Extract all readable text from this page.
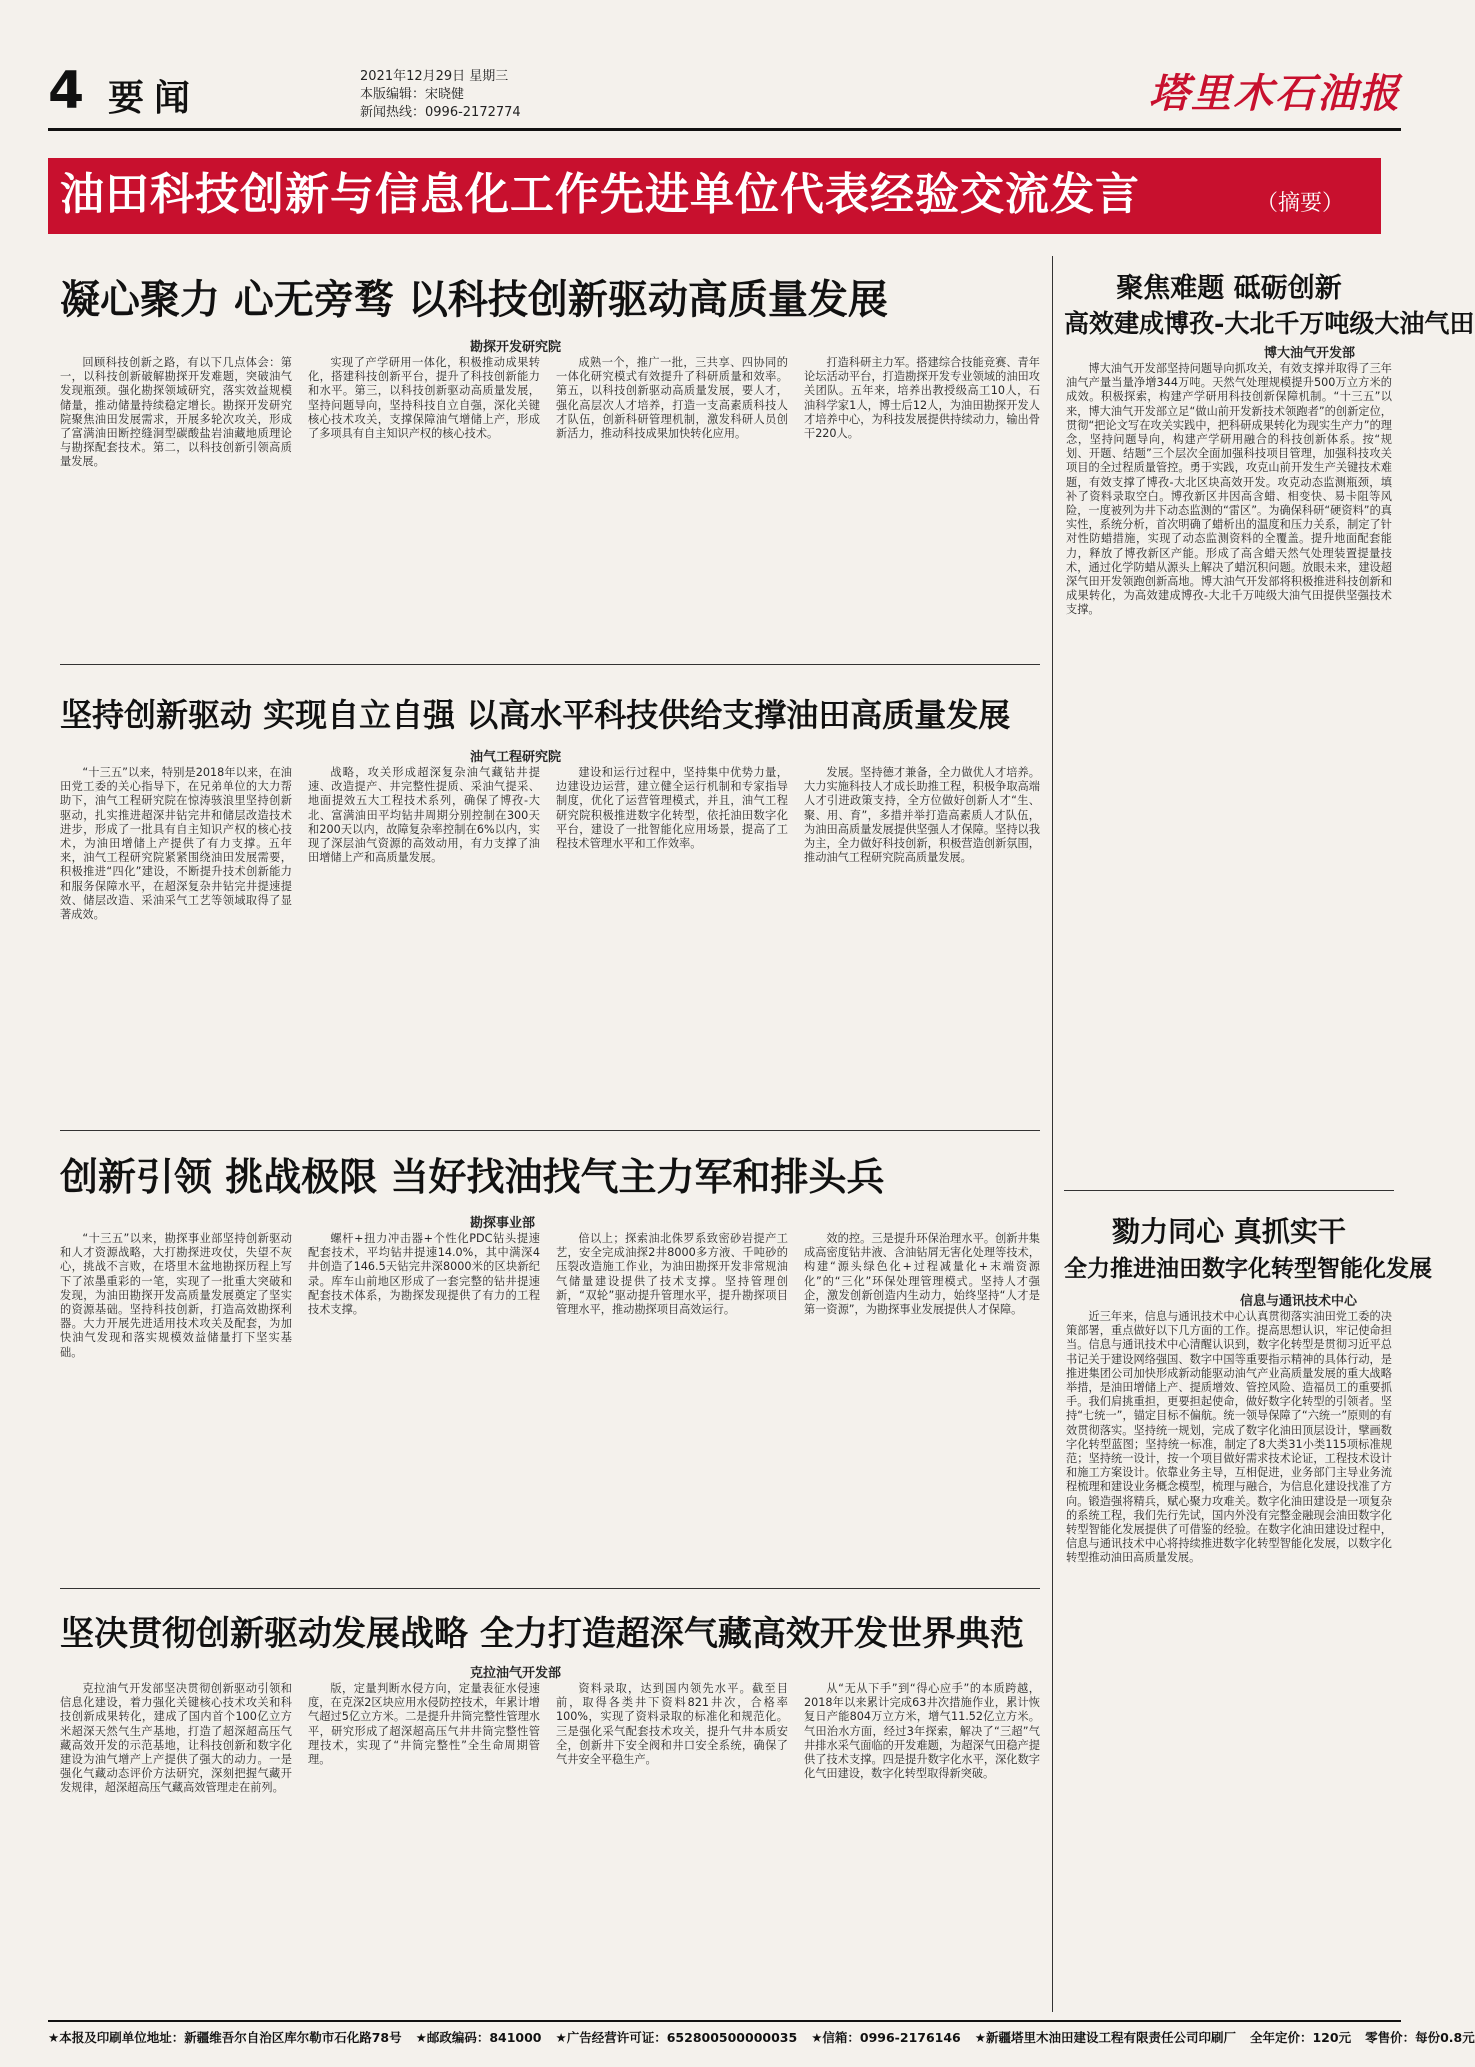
4 要闻
2021年12月29日 星期三
本版编辑：宋晓健
新闻热线：0996-2172774	塔里木石油报
油田科技创新与信息化工作先进单位代表经验交流发言	（摘要）
凝心聚力 心无旁骛 以科技创新驱动高质量发展
勘探开发研究院

回顾科技创新之路，有以下几点体会：第一，以科技创新破解勘探开发难题，突破油气发现瓶颈。强化勘探领域研究，落实效益规模储量，推动储量持续稳定增长。勘探开发研究院聚焦油田发展需求，开展多轮次攻关，形成了富满油田断控缝洞型碳酸盐岩油藏地质理论与勘探配套技术。第二，以科技创新引领高质量发展。

实现了产学研用一体化，积极推动成果转化，搭建科技创新平台，提升了科技创新能力和水平。第三，以科技创新驱动高质量发展，坚持问题导向，坚持科技自立自强，深化关键核心技术攻关，支撑保障油气增储上产，形成了多项具有自主知识产权的核心技术。

成熟一个，推广一批，三共享、四协同的一体化研究模式有效提升了科研质量和效率。第五，以科技创新驱动高质量发展，要人才，强化高层次人才培养，打造一支高素质科技人才队伍，创新科研管理机制，激发科研人员创新活力，推动科技成果加快转化应用。

打造科研主力军。搭建综合技能竞赛、青年论坛活动平台，打造勘探开发专业领域的油田攻关团队。五年来，培养出教授级高工10人，石油科学家1人，博士后12人，为油田勘探开发人才培养中心，为科技发展提供持续动力，输出骨干220人。

坚持创新驱动 实现自立自强 以高水平科技供给支撑油田高质量发展
油气工程研究院

“十三五”以来，特别是2018年以来，在油田党工委的关心指导下，在兄弟单位的大力帮助下，油气工程研究院在惊涛骇浪里坚持创新驱动，扎实推进超深井钻完井和储层改造技术进步，形成了一批具有自主知识产权的核心技术，为油田增储上产提供了有力支撑。五年来，油气工程研究院紧紧围绕油田发展需要，积极推进“四化”建设，不断提升技术创新能力和服务保障水平，在超深复杂井钻完井提速提效、储层改造、采油采气工艺等领域取得了显著成效。

战略，攻关形成超深复杂油气藏钻井提速、改造提产、井完整性提质、采油气提采、地面提效五大工程技术系列，确保了博孜-大北、富满油田平均钻井周期分别控制在300天和200天以内，故障复杂率控制在6%以内，实现了深层油气资源的高效动用，有力支撑了油田增储上产和高质量发展。

建设和运行过程中，坚持集中优势力量，边建设边运营，建立健全运行机制和专家指导制度，优化了运营管理模式，并且，油气工程研究院积极推进数字化转型，依托油田数字化平台，建设了一批智能化应用场景，提高了工程技术管理水平和工作效率。

发展。坚持德才兼备，全力做优人才培养。大力实施科技人才成长助推工程，积极争取高端人才引进政策支持，全方位做好创新人才“生、聚、用、育”，多措并举打造高素质人才队伍，为油田高质量发展提供坚强人才保障。坚持以我为主，全力做好科技创新，积极营造创新氛围，推动油气工程研究院高质量发展。

创新引领 挑战极限 当好找油找气主力军和排头兵
勘探事业部

“十三五”以来，勘探事业部坚持创新驱动和人才资源战略，大打勘探进攻仗，失望不灰心，挑战不言败，在塔里木盆地勘探历程上写下了浓墨重彩的一笔，实现了一批重大突破和发现，为油田勘探开发高质量发展奠定了坚实的资源基础。坚持科技创新，打造高效勘探利器。大力开展先进适用技术攻关及配套，为加快油气发现和落实规模效益储量打下坚实基础。

螺杆+扭力冲击器+个性化PDC钻头提速配套技术，平均钻井提速14.0%，其中满深4井创造了146.5天钻完井深8000米的区块新纪录。库车山前地区形成了一套完整的钻井提速配套技术体系，为勘探发现提供了有力的工程技术支撑。

倍以上；探索油北侏罗系致密砂岩提产工艺，安全完成油探2井8000多方液、千吨砂的压裂改造施工作业，为油田勘探开发非常规油气储量建设提供了技术支撑。坚持管理创新，“双轮”驱动提升管理水平，提升勘探项目管理水平，推动勘探项目高效运行。

效的控。三是提升环保治理水平。创新井集成高密度钻井液、含油钻屑无害化处理等技术，构建“源头绿色化+过程减量化+末端资源化”的“三化”环保处理管理模式。坚持人才强企，激发创新创造内生动力，始终坚持“人才是第一资源”，为勘探事业发展提供人才保障。

坚决贯彻创新驱动发展战略 全力打造超深气藏高效开发世界典范
克拉油气开发部

克拉油气开发部坚决贯彻创新驱动引领和信息化建设，着力强化关键核心技术攻关和科技创新成果转化，建成了国内首个100亿立方米超深天然气生产基地，打造了超深超高压气藏高效开发的示范基地，让科技创新和数字化建设为油气增产上产提供了强大的动力。一是强化气藏动态评价方法研究，深刻把握气藏开发规律，超深超高压气藏高效管理走在前列。

版，定量判断水侵方向，定量表征水侵速度，在克深2区块应用水侵防控技术，年累计增气超过5亿立方米。二是提升井筒完整性管理水平，研究形成了超深超高压气井井筒完整性管理技术，实现了“井筒完整性”全生命周期管理。

资料录取，达到国内领先水平。截至目前，取得各类井下资料821井次，合格率100%，实现了资料录取的标准化和规范化。三是强化采气配套技术攻关，提升气井本质安全，创新井下安全阀和井口安全系统，确保了气井安全平稳生产。

从“无从下手”到“得心应手”的本质跨越，2018年以来累计完成63井次措施作业，累计恢复日产能804万立方米，增气11.52亿立方米。气田治水方面，经过3年探索，解决了“三超”气井排水采气面临的开发难题，为超深气田稳产提供了技术支撑。四是提升数字化水平，深化数字化气田建设，数字化转型取得新突破。

聚焦难题 砥砺创新
高效建成博孜-大北千万吨级大油气田
博大油气开发部

博大油气开发部坚持问题导向抓攻关，有效支撑并取得了三年油气产量当量净增344万吨。天然气处理规模提升500万立方米的成效。积极探索，构建产学研用科技创新保障机制。“十三五”以来，博大油气开发部立足“做山前开发新技术领跑者”的创新定位，贯彻“把论文写在攻关实践中，把科研成果转化为现实生产力”的理念，坚持问题导向，构建产学研用融合的科技创新体系。按“规划、开题、结题”三个层次全面加强科技项目管理，加强科技攻关项目的全过程质量管控。勇于实践，攻克山前开发生产关键技术难题，有效支撑了博孜-大北区块高效开发。攻克动态监测瓶颈，填补了资料录取空白。博孜新区井因高含蜡、相变快、易卡阻等风险，一度被列为井下动态监测的“雷区”。为确保科研“硬资料”的真实性，系统分析，首次明确了蜡析出的温度和压力关系，制定了针对性防蜡措施，实现了动态监测资料的全覆盖。提升地面配套能力，释放了博孜新区产能。形成了高含蜡天然气处理装置提量技术，通过化学防蜡从源头上解决了蜡沉积问题。放眼未来，建设超深气田开发领跑创新高地。博大油气开发部将积极推进科技创新和成果转化，为高效建成博孜-大北千万吨级大油气田提供坚强技术支撑。

勠力同心 真抓实干
全力推进油田数字化转型智能化发展
信息与通讯技术中心

近三年来，信息与通讯技术中心认真贯彻落实油田党工委的决策部署，重点做好以下几方面的工作。提高思想认识，牢记使命担当。信息与通讯技术中心清醒认识到，数字化转型是贯彻习近平总书记关于建设网络强国、数字中国等重要指示精神的具体行动，是推进集团公司加快形成新动能驱动油气产业高质量发展的重大战略举措，是油田增储上产、提质增效、管控风险、造福员工的重要抓手。我们肩挑重担，更要担起使命，做好数字化转型的引领者。坚持“七统一”，锚定目标不偏航。统一领导保障了“六统一”原则的有效贯彻落实。坚持统一规划，完成了数字化油田顶层设计，擘画数字化转型蓝图；坚持统一标准，制定了8大类31小类115项标准规范；坚持统一设计，按一个项目做好需求技术论证，工程技术设计和施工方案设计。依靠业务主导，互相促进，业务部门主导业务流程梳理和建设业务概念模型，梳理与融合，为信息化建设找准了方向。锻造强将精兵，赋心聚力攻难关。数字化油田建设是一项复杂的系统工程，我们先行先试，国内外没有完整金融现会油田数字化转型智能化发展提供了可借鉴的经验。在数字化油田建设过程中，信息与通讯技术中心将持续推进数字化转型智能化发展，以数字化转型推动油田高质量发展。

★本报及印刷单位地址：新疆维吾尔自治区库尔勒市石化路78号 ★邮政编码：841000 ★广告经营许可证：652800500000035 ★信箱：0996-2176146 ★新疆塔里木油田建设工程有限责任公司印刷厂 全年定价：120元 零售价：每份0.8元
